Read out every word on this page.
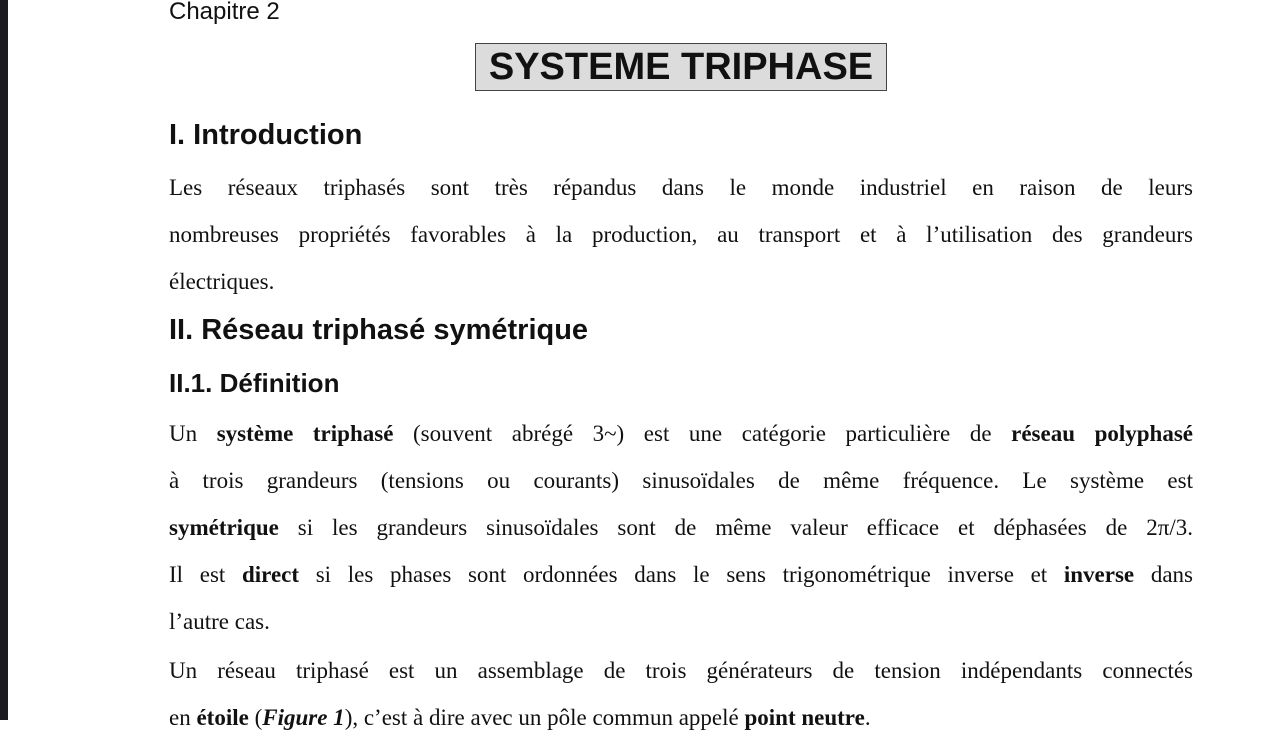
Chapitre 2
SYSTEME TRIPHASE
I. Introduction
Les réseaux triphasés sont très répandus dans le monde industriel en raison de leurs
nombreuses propriétés favorables à la production, au transport et à l’utilisation des grandeurs
électriques.
II. Réseau triphasé symétrique
II.1. Définition
Un système triphasé (souvent abrégé 3~) est une catégorie particulière de réseau polyphasé
à trois grandeurs (tensions ou courants) sinusoïdales de même fréquence. Le système est
symétrique si les grandeurs sinusoïdales sont de même valeur efficace et déphasées de 2π/3.
Il est direct si les phases sont ordonnées dans le sens trigonométrique inverse et inverse dans
l’autre cas.
Un réseau triphasé est un assemblage de trois générateurs de tension indépendants connectés
en étoile (Figure 1), c’est à dire avec un pôle commun appelé point neutre.
